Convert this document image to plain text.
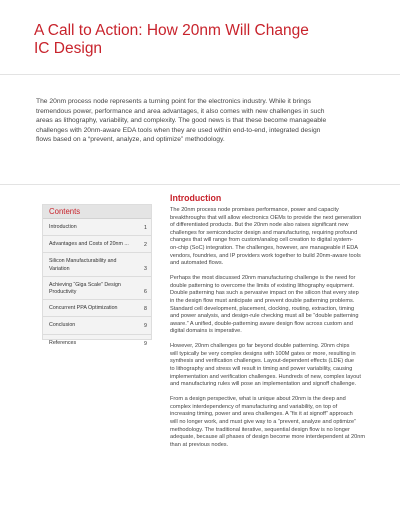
A Call to Action: How 20nm Will Change
IC Design
The 20nm process node represents a turning point for the electronics industry. While it brings
tremendous power, performance and area advantages, it also comes with new challenges in such
areas as lithography, variability, and complexity. The good news is that these become manageable
challenges with 20nm-aware EDA tools when they are used within end-to-end, integrated design
flows based on a “prevent, analyze, and optimize” methodology.
Contents
Introduction	1
Advantages and Costs of 20nm ...	2
Silicon Manufacturability and Variation	3
Achieving “Giga Scale” Design Productivity	6
Concurrent PPA Optimization	8
Conclusion	9
References	9
Introduction

The 20nm process node promises performance, power and capacity
breakthroughs that will allow electronics OEMs to provide the next generation
of differentiated products. But the 20nm node also raises significant new
challenges for semiconductor design and manufacturing, requiring profound
changes that will range from custom/analog cell creation to digital system-
on-chip (SoC) integration. The challenges, however, are manageable if EDA
vendors, foundries, and IP providers work together to build 20nm-aware tools
and automated flows.

Perhaps the most discussed 20nm manufacturing challenge is the need for
double patterning to overcome the limits of existing lithography equipment.
Double patterning has such a pervasive impact on the silicon that every step
in the design flow must anticipate and prevent double patterning problems.
Standard cell development, placement, clocking, routing, extraction, timing
and power analysis, and design-rule checking must all be “double patterning
aware.” A unified, double-patterning aware design flow across custom and
digital domains is imperative.

However, 20nm challenges go far beyond double patterning. 20nm chips
will typically be very complex designs with 100M gates or more, resulting in
synthesis and verification challenges. Layout-dependent effects (LDE) due
to lithography and stress will result in timing and power variability, causing
implementation and verification challenges. Hundreds of new, complex layout
and manufacturing rules will pose an implementation and signoff challenge.

From a design perspective, what is unique about 20nm is the deep and
complex interdependency of manufacturing and variability, on top of
increasing timing, power and area challenges. A “fix it at signoff” approach
will no longer work, and must give way to a “prevent, analyze and optimize”
methodology. The traditional iterative, sequential design flow is no longer
adequate, because all phases of design become more interdependent at 20nm
than at previous nodes.
